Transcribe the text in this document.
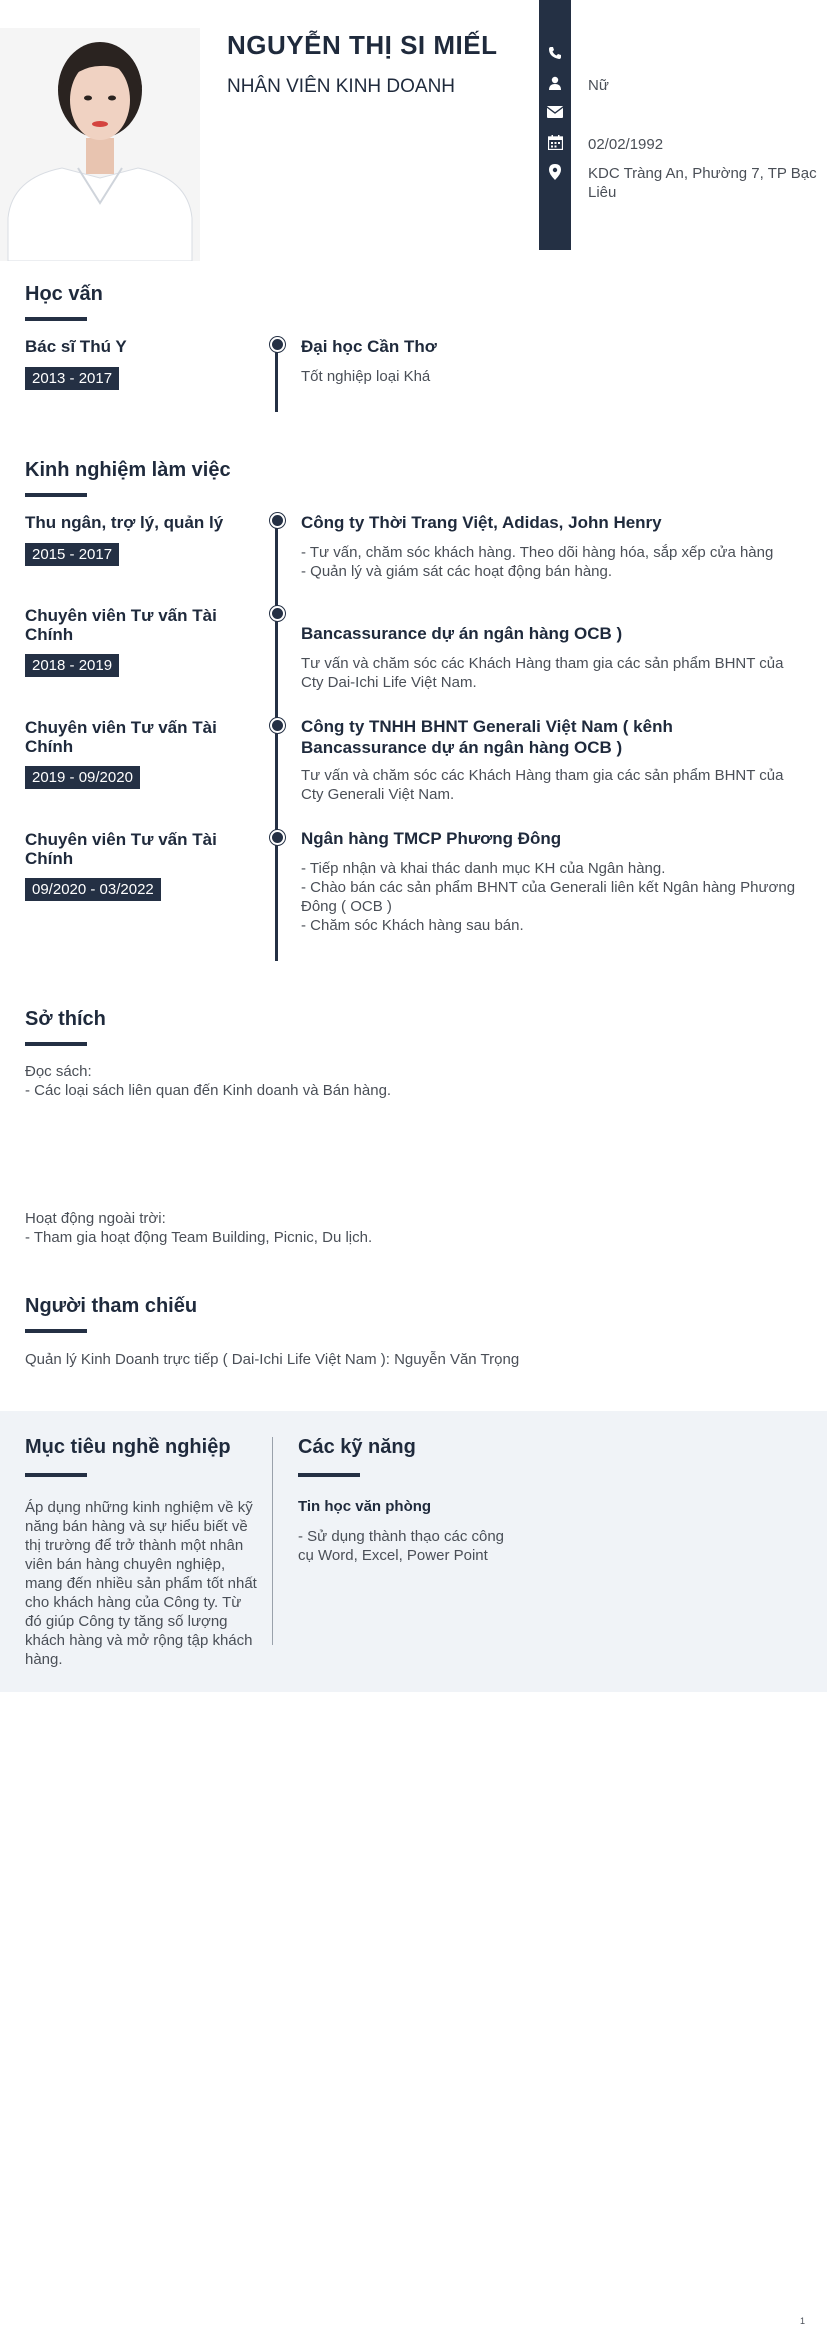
NGUYỄN THỊ SI MIẾL
NHÂN VIÊN KINH DOANH	Nữ
02/02/1992
KDC Tràng An, Phường 7, TP Bạc Liêu
Học vấn
Bác sĩ Thú Y
2013 - 2017
Đại học Cần Thơ
Tốt nghiệp loại Khá
Kinh nghiệm làm việc
Thu ngân, trợ lý, quản lý
2015 - 2017
Công ty Thời Trang Việt, Adidas, John Henry
- Tư vấn, chăm sóc khách hàng. Theo dõi hàng hóa, sắp xếp cửa hàng
- Quản lý và giám sát các hoạt động bán hàng.
Chuyên viên Tư vấn Tài Chính
2018 - 2019
Bancassurance dự án ngân hàng OCB )
Tư vấn và chăm sóc các Khách Hàng tham gia các sản phẩm BHNT của Cty Dai-Ichi Life Việt Nam.
Chuyên viên Tư vấn Tài Chính
2019 - 09/2020
Công ty TNHH BHNT Generali Việt Nam ( kênh Bancassurance dự án ngân hàng OCB )
Tư vấn và chăm sóc các Khách Hàng tham gia các sản phẩm BHNT của Cty Generali Việt Nam.
Chuyên viên Tư vấn Tài Chính
09/2020 - 03/2022
Ngân hàng TMCP Phương Đông
- Tiếp nhận và khai thác danh mục KH của Ngân hàng.
- Chào bán các sản phẩm BHNT của Generali liên kết Ngân hàng Phương Đông ( OCB )
- Chăm sóc Khách hàng sau bán.
Sở thích
Đọc sách:
- Các loại sách liên quan đến Kinh doanh và Bán hàng.
Hoạt động ngoài trời:
- Tham gia hoạt động Team Building, Picnic, Du lịch.
Người tham chiếu
Quản lý Kinh Doanh trực tiếp ( Dai-Ichi Life Việt Nam ): Nguyễn Văn Trọng
Mục tiêu nghề nghiệp
Áp dụng những kinh nghiệm về kỹ năng bán hàng và sự hiểu biết về thị trường để trở thành một nhân viên bán hàng chuyên nghiệp, mang đến nhiều sản phẩm tốt nhất cho khách hàng của Công ty. Từ đó giúp Công ty tăng số lượng khách hàng và mở rộng tập khách hàng.
Các kỹ năng
Tin học văn phòng
- Sử dụng thành thạo các công cụ Word, Excel, Power Point
1
